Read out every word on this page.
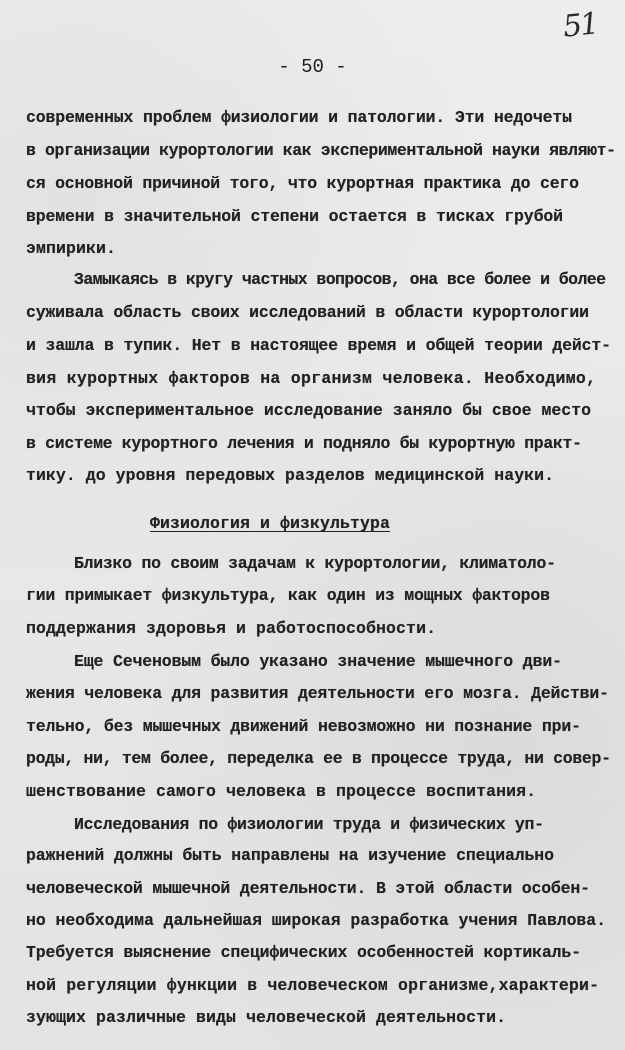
51
- 50 -
современных проблем физиологии и патологии. Эти недочеты
в организации курортологии как экспериментальной науки являют-
ся основной причиной того, что курортная практика до сего
времени в значительной степени остается в тисках грубой
эмпирики.
Замыкаясь в кругу частных вопросов, она все более и более
суживала область своих исследований в области курортологии
и зашла в тупик. Нет в настоящее время и общей теории дейст-
вия курортных факторов на организм человека. Необходимо,
чтобы экспериментальное исследование заняло бы свое место
в системе курортного лечения и подняло бы курортную практ-
тику. до уровня передовых разделов медицинской науки.
Физиология и физкультура
Близко по своим задачам к курортологии, климатоло-
гии примыкает физкультура, как один из мощных факторов
поддержания здоровья и работоспособности.
Еще Сеченовым было указано значение мышечного дви-
жения человека для развития деятельности его мозга. Действи-
тельно, без мышечных движений невозможно ни познание при-
роды, ни, тем более, переделка ее в процессе труда, ни совер-
шенствование самого человека в процессе воспитания.
Исследования по физиологии труда и физических уп-
ражнений должны быть направлены на изучение специально
человеческой мышечной деятельности. В этой области особен-
но необходима дальнейшая широкая разработка учения Павлова.
Требуется выяснение специфических особенностей кортикаль-
ной регуляции функции в человеческом организме,характери-
зующих различные виды человеческой деятельности.
